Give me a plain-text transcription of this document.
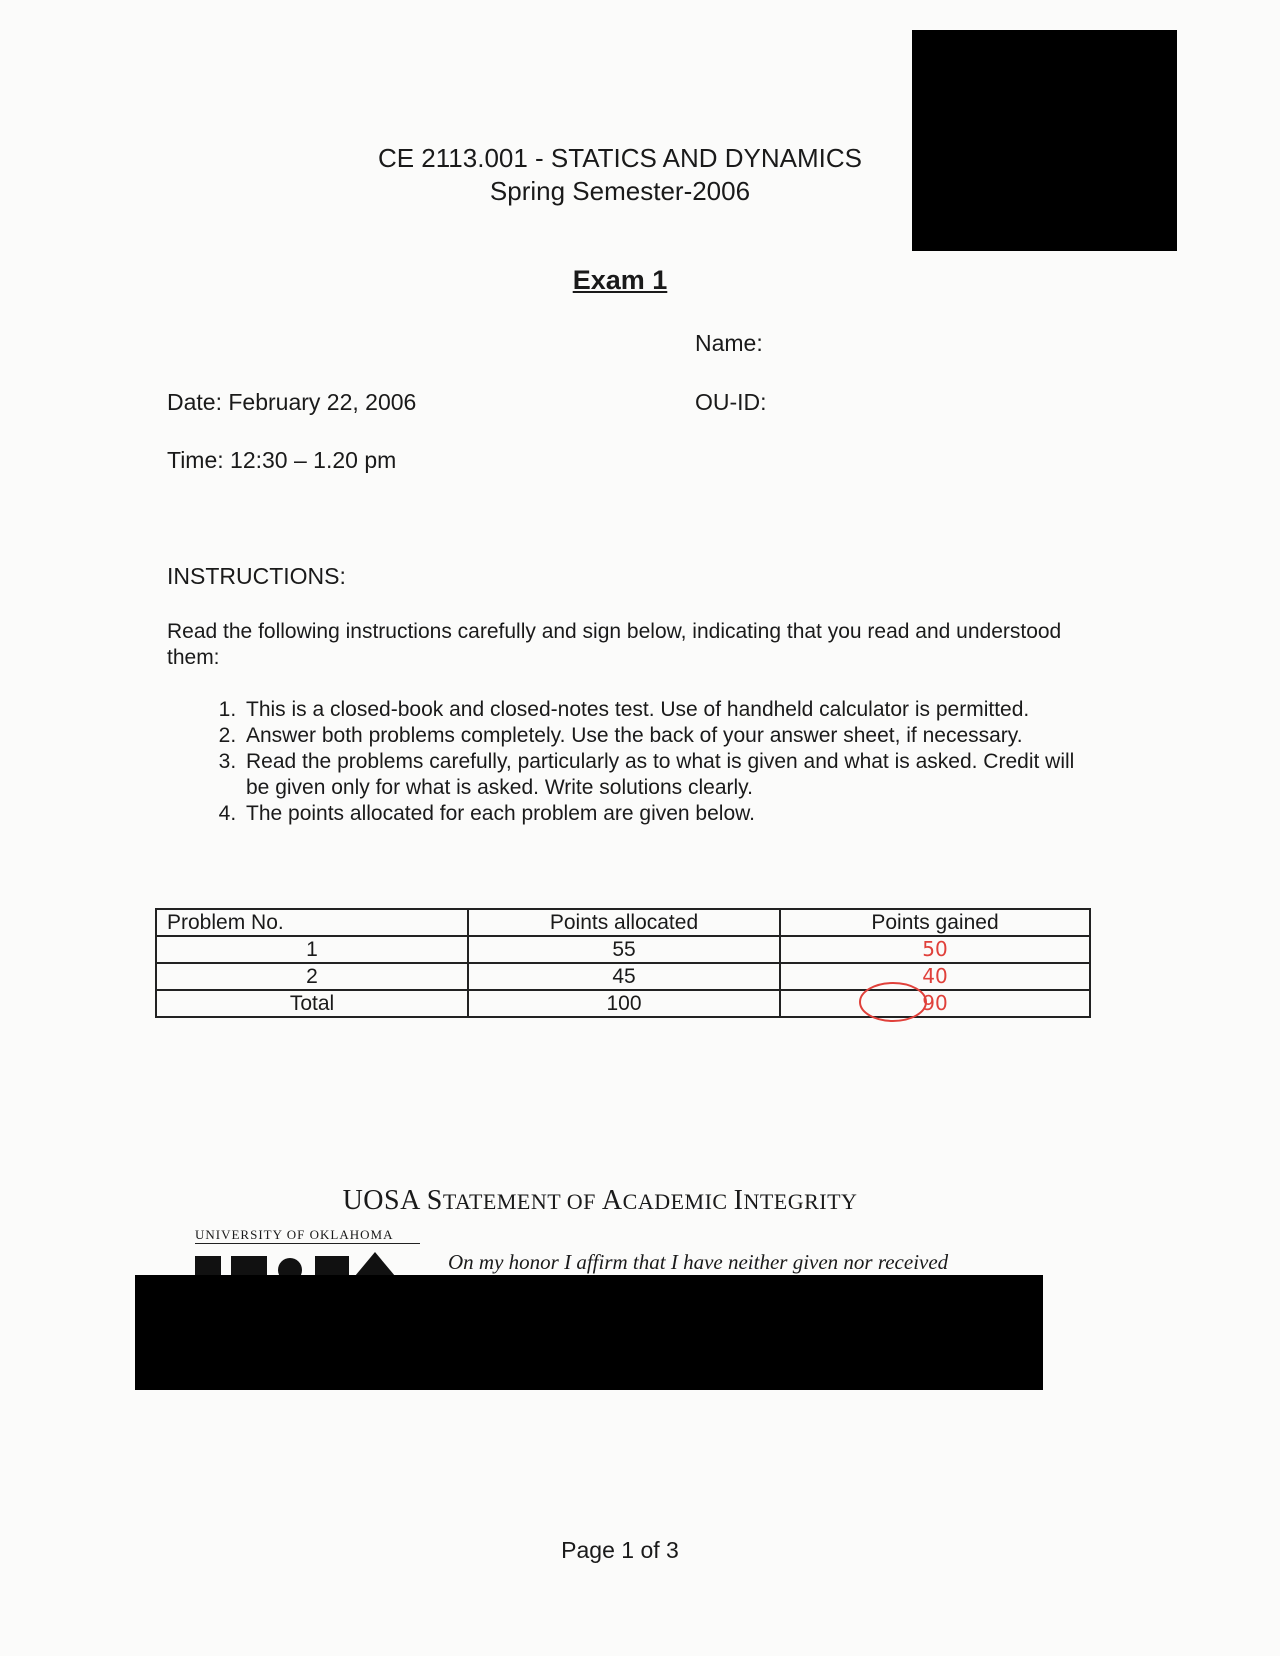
CE 2113.001 - STATICS AND DYNAMICS
Spring Semester-2006
Exam 1
Name:
OU-ID:
Date: February 22, 2006
Time: 12:30 – 1.20 pm
INSTRUCTIONS:
Read the following instructions carefully and sign below, indicating that you read and understood them:
1. This is a closed-book and closed-notes test. Use of handheld calculator is permitted.
2. Answer both problems completely. Use the back of your answer sheet, if necessary.
3. Read the problems carefully, particularly as to what is given and what is asked. Credit will be given only for what is asked. Write solutions clearly.
4. The points allocated for each problem are given below.
Problem No.	Points allocated	Points gained
1	55	50
2	45	40
Total	100	90
UOSA STATEMENT OF ACADEMIC INTEGRITY
UNIVERSITY OF OKLAHOMA
On my honor I affirm that I have neither given nor received
Page 1 of 3
